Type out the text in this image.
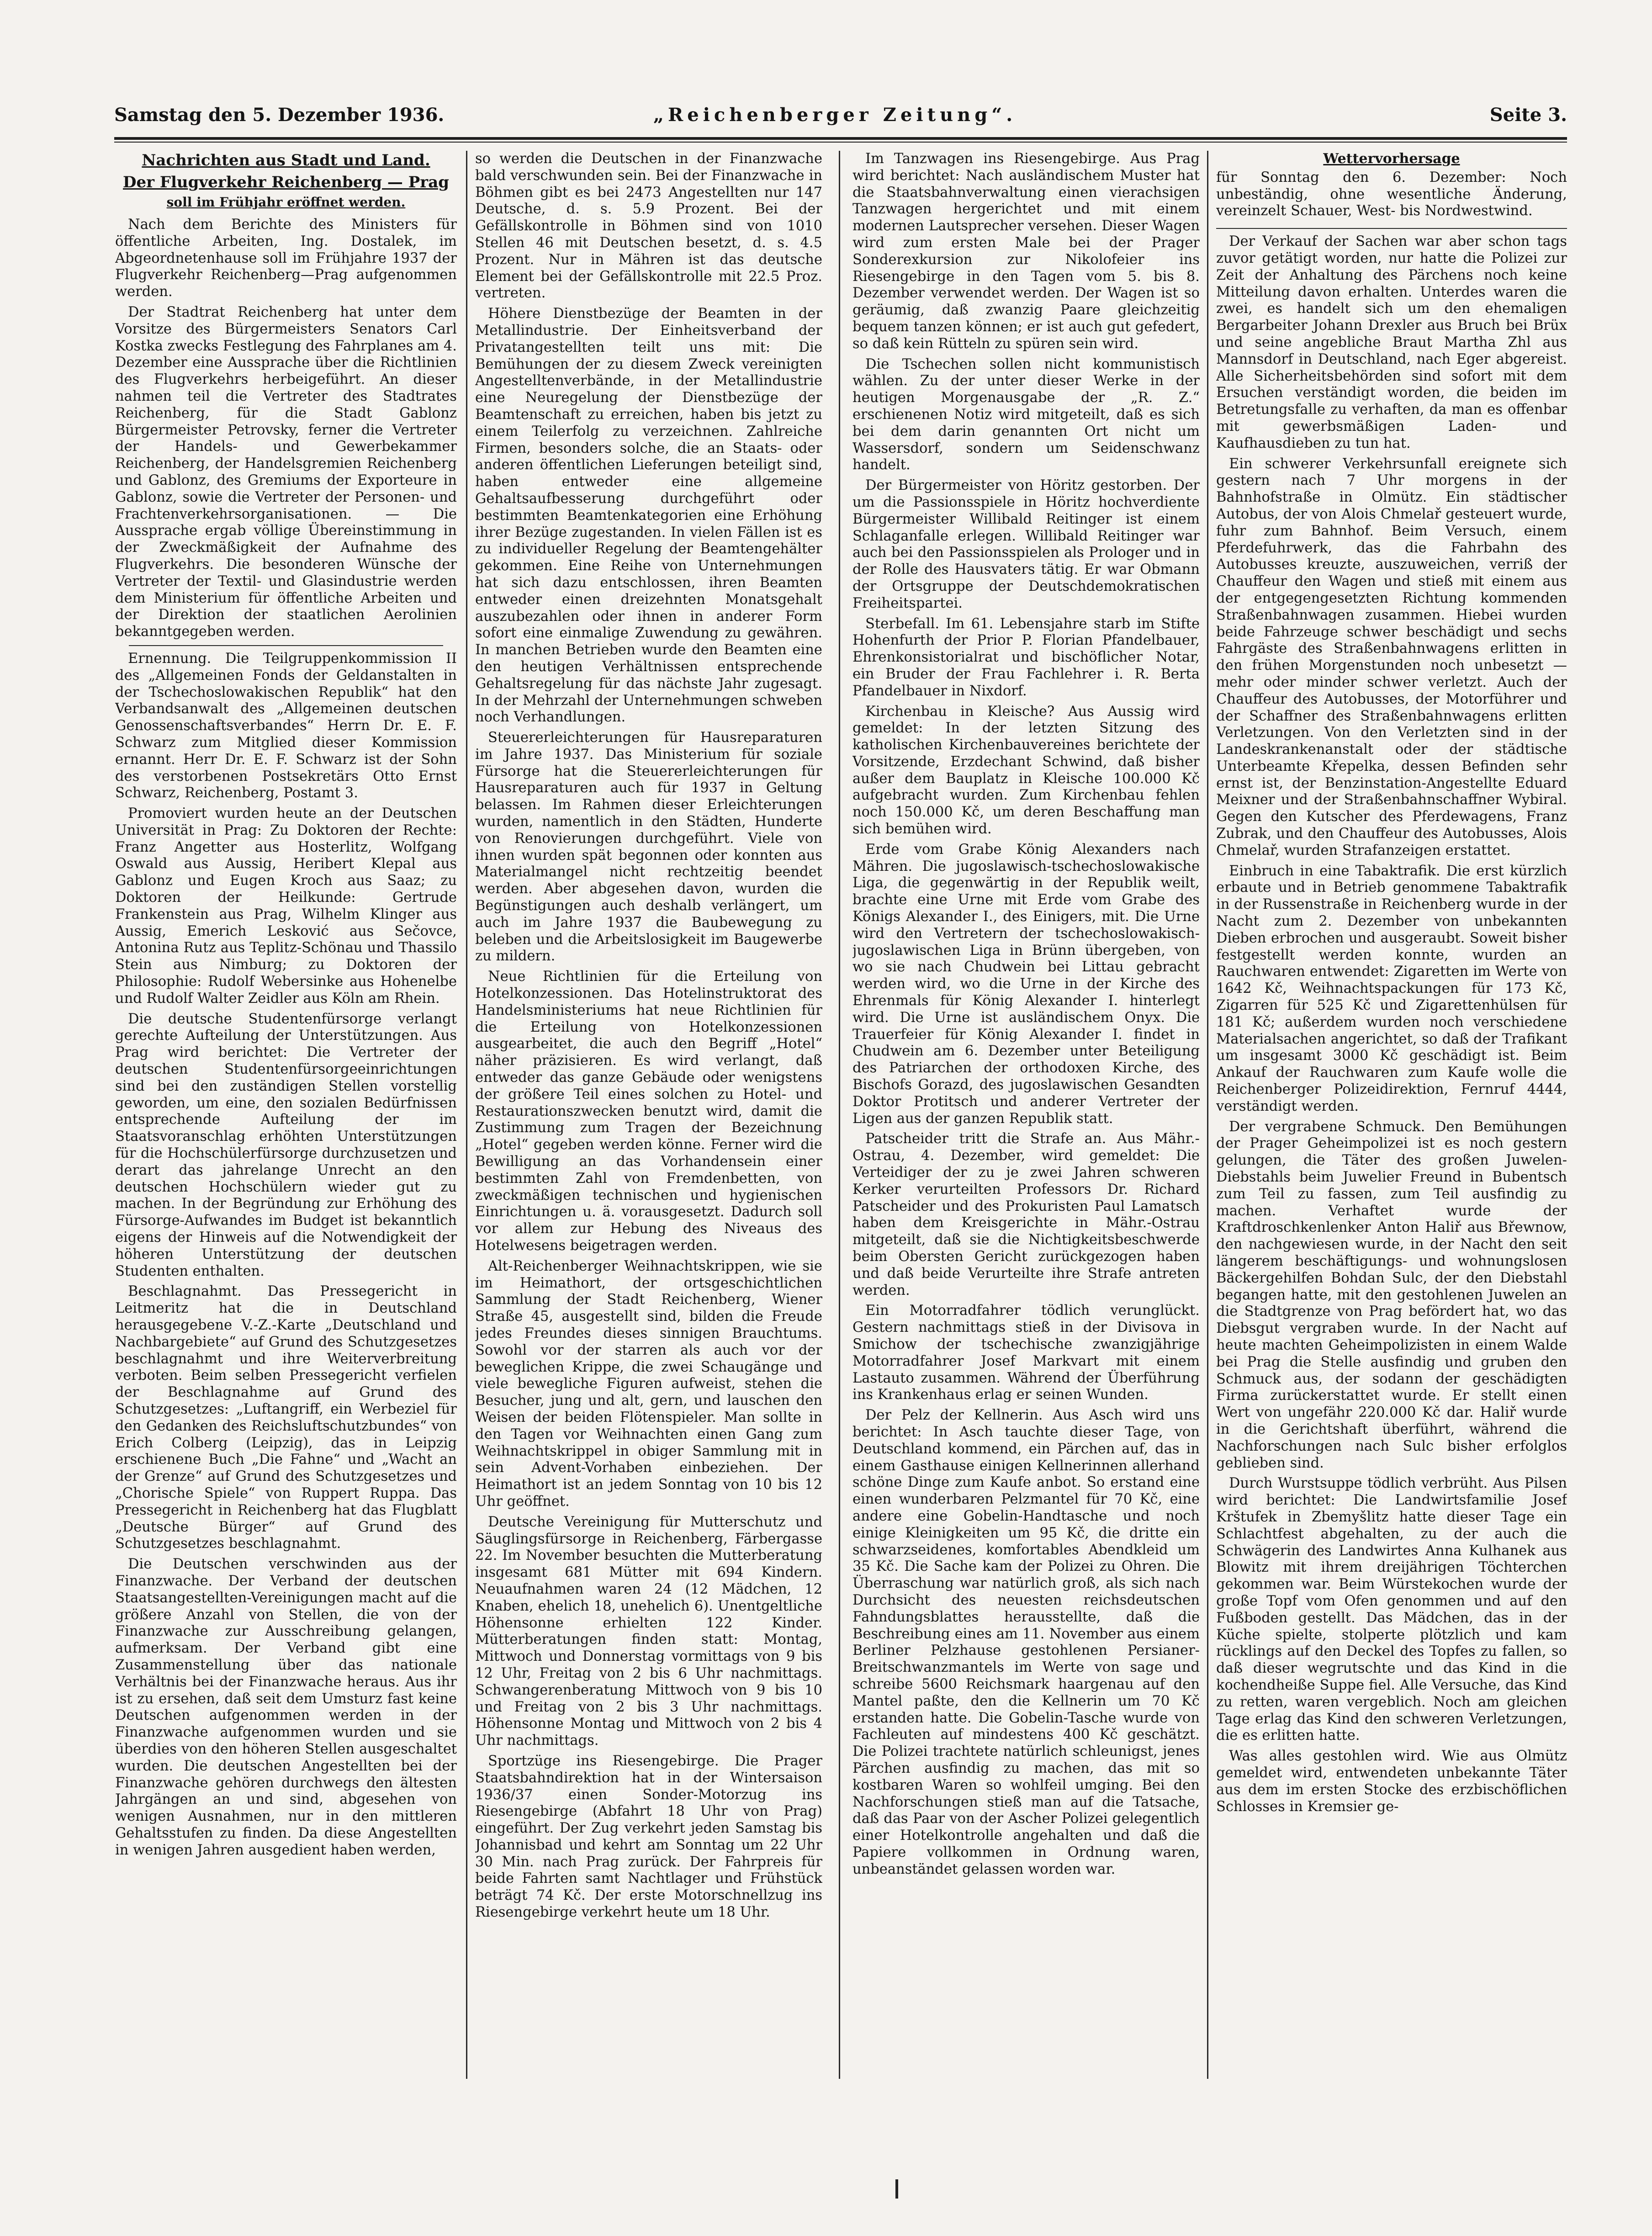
Samstag den 5. Dezember 1936.	„Reichenberger Zeitung“.	Seite 3.
Nachrichten aus Stadt und Land.
Der Flugverkehr Reichenberg — Prag
soll im Frühjahr eröffnet werden.

Nach dem Berichte des Ministers für öffentliche Arbeiten, Ing. Dostalek, im Abgeordnetenhause soll im Frühjahre 1937 der Flugverkehr Reichenberg—Prag aufgenommen werden.

Der Stadtrat Reichenberg hat unter dem Vorsitze des Bürgermeisters Senators Carl Kostka zwecks Festlegung des Fahrplanes am 4. Dezember eine Aussprache über die Richtlinien des Flugverkehrs herbeigeführt. An dieser nahmen teil die Vertreter des Stadtrates Reichenberg, für die Stadt Gablonz Bürgermeister Petrovsky, ferner die Vertreter der Handels- und Gewerbekammer Reichenberg, der Handelsgremien Reichenberg und Gablonz, des Gremiums der Exporteure in Gablonz, sowie die Vertreter der Personen- und Frachtenverkehrsorganisationen. — Die Aussprache ergab völlige Übereinstimmung in der Zweckmäßigkeit der Aufnahme des Flugverkehrs. Die besonderen Wünsche der Vertreter der Textil- und Glasindustrie werden dem Ministerium für öffentliche Arbeiten und der Direktion der staatlichen Aerolinien bekanntgegeben werden.

Ernennung. Die Teilgruppenkommission II des „Allgemeinen Fonds der Geldanstalten in der Tschechoslowakischen Republik“ hat den Verbandsanwalt des „Allgemeinen deutschen Genossenschaftsverbandes“ Herrn Dr. E. F. Schwarz zum Mitglied dieser Kommission ernannt. Herr Dr. E. F. Schwarz ist der Sohn des verstorbenen Postsekretärs Otto Ernst Schwarz, Reichenberg, Postamt 3.

Promoviert wurden heute an der Deutschen Universität in Prag: Zu Doktoren der Rechte: Franz Angetter aus Hosterlitz, Wolfgang Oswald aus Aussig, Heribert Klepal aus Gablonz und Eugen Kroch aus Saaz; zu Doktoren der Heilkunde: Gertrude Frankenstein aus Prag, Wilhelm Klinger aus Aussig, Emerich Lesković aus Sečovce, Antonina Rutz aus Teplitz-Schönau und Thassilo Stein aus Nimburg; zu Doktoren der Philosophie: Rudolf Webersinke aus Hohenelbe und Rudolf Walter Zeidler aus Köln am Rhein.

Die deutsche Studentenfürsorge verlangt gerechte Aufteilung der Unterstützungen. Aus Prag wird berichtet: Die Vertreter der deutschen Studentenfürsorgeeinrichtungen sind bei den zuständigen Stellen vorstellig geworden, um eine, den sozialen Bedürfnissen entsprechende Aufteilung der im Staatsvoranschlag erhöhten Unterstützungen für die Hochschülerfürsorge durchzusetzen und derart das jahrelange Unrecht an den deutschen Hochschülern wieder gut zu machen. In der Begründung zur Erhöhung des Fürsorge-Aufwandes im Budget ist bekanntlich eigens der Hinweis auf die Notwendigkeit der höheren Unterstützung der deutschen Studenten enthalten.

Beschlagnahmt. Das Pressegericht in Leitmeritz hat die in Deutschland herausgegebene V.-Z.-Karte „Deutschland und Nachbargebiete“ auf Grund des Schutzgesetzes beschlagnahmt und ihre Weiterverbreitung verboten. Beim selben Pressegericht verfielen der Beschlagnahme auf Grund des Schutzgesetzes: „Luftangriff, ein Werbeziel für den Gedanken des Reichsluftschutzbundes“ von Erich Colberg (Leipzig), das in Leipzig erschienene Buch „Die Fahne“ und „Wacht an der Grenze“ auf Grund des Schutzgesetzes und „Chorische Spiele“ von Ruppert Ruppa. Das Pressegericht in Reichenberg hat das Flugblatt „Deutsche Bürger“ auf Grund des Schutzgesetzes beschlagnahmt.

Die Deutschen verschwinden aus der Finanzwache. Der Verband der deutschen Staatsangestellten-Vereinigungen macht auf die größere Anzahl von Stellen, die von der Finanzwache zur Ausschreibung gelangen, aufmerksam. Der Verband gibt eine Zusammenstellung über das nationale Verhältnis bei der Finanzwache heraus. Aus ihr ist zu ersehen, daß seit dem Umsturz fast keine Deutschen aufgenommen werden in der Finanzwache aufgenommen wurden und sie überdies von den höheren Stellen ausgeschaltet wurden. Die deutschen Angestellten bei der Finanzwache gehören durchwegs den ältesten Jahrgängen an und sind, abgesehen von wenigen Ausnahmen, nur in den mittleren Gehaltsstufen zu finden. Da diese Angestellten in wenigen Jahren ausgedient haben werden,

so werden die Deutschen in der Finanzwache bald verschwunden sein. Bei der Finanzwache in Böhmen gibt es bei 2473 Angestellten nur 147 Deutsche, d. s. 5.9 Prozent. Bei der Gefällskontrolle in Böhmen sind von 1010 Stellen 46 mit Deutschen besetzt, d. s. 4.5 Prozent. Nur in Mähren ist das deutsche Element bei der Gefällskontrolle mit 22.5 Proz. vertreten.

Höhere Dienstbezüge der Beamten in der Metallindustrie. Der Einheitsverband der Privatangestellten teilt uns mit: Die Bemühungen der zu diesem Zweck vereinigten Angestelltenverbände, in der Metallindustrie eine Neuregelung der Dienstbezüge der Beamtenschaft zu erreichen, haben bis jetzt zu einem Teilerfolg zu verzeichnen. Zahlreiche Firmen, besonders solche, die an Staats- oder anderen öffentlichen Lieferungen beteiligt sind, haben entweder eine allgemeine Gehaltsaufbesserung durchgeführt oder bestimmten Beamtenkategorien eine Erhöhung ihrer Bezüge zugestanden. In vielen Fällen ist es zu individueller Regelung der Beamtengehälter gekommen. Eine Reihe von Unternehmungen hat sich dazu entschlossen, ihren Beamten entweder einen dreizehnten Monatsgehalt auszubezahlen oder ihnen in anderer Form sofort eine einmalige Zuwendung zu gewähren. In manchen Betrieben wurde den Beamten eine den heutigen Verhältnissen entsprechende Gehaltsregelung für das nächste Jahr zugesagt. In der Mehrzahl der Unternehmungen schweben noch Verhandlungen.

Steuererleichterungen für Hausreparaturen im Jahre 1937. Das Ministerium für soziale Fürsorge hat die Steuererleichterungen für Hausreparaturen auch für 1937 in Geltung belassen. Im Rahmen dieser Erleichterungen wurden, namentlich in den Städten, Hunderte von Renovierungen durchgeführt. Viele von ihnen wurden spät begonnen oder konnten aus Materialmangel nicht rechtzeitig beendet werden. Aber abgesehen davon, wurden die Begünstigungen auch deshalb verlängert, um auch im Jahre 1937 die Baubewegung zu beleben und die Arbeitslosigkeit im Baugewerbe zu mildern.

Neue Richtlinien für die Erteilung von Hotelkonzessionen. Das Hotelinstruktorat des Handelsministeriums hat neue Richtlinien für die Erteilung von Hotelkonzessionen ausgearbeitet, die auch den Begriff „Hotel“ näher präzisieren. Es wird verlangt, daß entweder das ganze Gebäude oder wenigstens der größere Teil eines solchen zu Hotel- und Restaurationszwecken benutzt wird, damit die Zustimmung zum Tragen der Bezeichnung „Hotel“ gegeben werden könne. Ferner wird die Bewilligung an das Vorhandensein einer bestimmten Zahl von Fremdenbetten, von zweckmäßigen technischen und hygienischen Einrichtungen u. ä. vorausgesetzt. Dadurch soll vor allem zur Hebung des Niveaus des Hotelwesens beigetragen werden.

Alt-Reichenberger Weihnachtskrippen, wie sie im Heimathort, der ortsgeschichtlichen Sammlung der Stadt Reichenberg, Wiener Straße 45, ausgestellt sind, bilden die Freude jedes Freundes dieses sinnigen Brauchtums. Sowohl vor der starren als auch vor der beweglichen Krippe, die zwei Schaugänge und viele bewegliche Figuren aufweist, stehen die Besucher, jung und alt, gern, und lauschen den Weisen der beiden Flötenspieler. Man sollte in den Tagen vor Weihnachten einen Gang zum Weihnachtskrippel in obiger Sammlung mit in sein Advent-Vorhaben einbeziehen. Der Heimathort ist an jedem Sonntag von 10 bis 12 Uhr geöffnet.

Deutsche Vereinigung für Mutterschutz und Säuglingsfürsorge in Reichenberg, Färbergasse 22. Im November besuchten die Mutterberatung insgesamt 681 Mütter mit 694 Kindern. Neuaufnahmen waren 24 (12 Mädchen, 12 Knaben, ehelich 18, unehelich 6). Unentgeltliche Höhensonne erhielten 122 Kinder. Mütterberatungen finden statt: Montag, Mittwoch und Donnerstag vormittags von 9 bis 12 Uhr, Freitag von 2 bis 6 Uhr nachmittags. Schwangerenberatung Mittwoch von 9 bis 10 und Freitag von 2 bis 3 Uhr nachmittags. Höhensonne Montag und Mittwoch von 2 bis 4 Uhr nachmittags.

Sportzüge ins Riesengebirge. Die Prager Staatsbahndirektion hat in der Wintersaison 1936/37 einen Sonder-Motorzug ins Riesengebirge (Abfahrt 18 Uhr von Prag) eingeführt. Der Zug verkehrt jeden Samstag bis Johannisbad und kehrt am Sonntag um 22 Uhr 30 Min. nach Prag zurück. Der Fahrpreis für beide Fahrten samt Nachtlager und Frühstück beträgt 74 Kč. Der erste Motorschnellzug ins Riesengebirge verkehrt heute um 18 Uhr.

Im Tanzwagen ins Riesengebirge. Aus Prag wird berichtet: Nach ausländischem Muster hat die Staatsbahnverwaltung einen vierachsigen Tanzwagen hergerichtet und mit einem modernen Lautsprecher versehen. Dieser Wagen wird zum ersten Male bei der Prager Sonderexkursion zur Nikolofeier ins Riesengebirge in den Tagen vom 5. bis 8. Dezember verwendet werden. Der Wagen ist so geräumig, daß zwanzig Paare gleichzeitig bequem tanzen können; er ist auch gut gefedert, so daß kein Rütteln zu spüren sein wird.

Die Tschechen sollen nicht kommunistisch wählen. Zu der unter dieser Werke in der heutigen Morgenausgabe der „R. Z.“ erschienenen Notiz wird mitgeteilt, daß es sich bei dem darin genannten Ort nicht um Wassersdorf, sondern um Seidenschwanz handelt.

Der Bürgermeister von Höritz gestorben. Der um die Passionsspiele in Höritz hochverdiente Bürgermeister Willibald Reitinger ist einem Schlaganfalle erlegen. Willibald Reitinger war auch bei den Passionsspielen als Prologer und in der Rolle des Hausvaters tätig. Er war Obmann der Ortsgruppe der Deutschdemokratischen Freiheitspartei.

Sterbefall. Im 61. Lebensjahre starb im Stifte Hohenfurth der Prior P. Florian Pfandelbauer, Ehrenkonsistorialrat und bischöflicher Notar, ein Bruder der Frau Fachlehrer i. R. Berta Pfandelbauer in Nixdorf.

Kirchenbau in Kleische? Aus Aussig wird gemeldet: In der letzten Sitzung des katholischen Kirchenbauvereines berichtete der Vorsitzende, Erzdechant Schwind, daß bisher außer dem Bauplatz in Kleische 100.000 Kč aufgebracht wurden. Zum Kirchenbau fehlen noch 150.000 Kč, um deren Beschaffung man sich bemühen wird.

Erde vom Grabe König Alexanders nach Mähren. Die jugoslawisch-tschechoslowakische Liga, die gegenwärtig in der Republik weilt, brachte eine Urne mit Erde vom Grabe des Königs Alexander I., des Einigers, mit. Die Urne wird den Vertretern der tschechoslowakisch-jugoslawischen Liga in Brünn übergeben, von wo sie nach Chudwein bei Littau gebracht werden wird, wo die Urne in der Kirche des Ehrenmals für König Alexander I. hinterlegt wird. Die Urne ist ausländischem Onyx. Die Trauerfeier für König Alexander I. findet in Chudwein am 6. Dezember unter Beteiligung des Patriarchen der orthodoxen Kirche, des Bischofs Gorazd, des jugoslawischen Gesandten Doktor Protitsch und anderer Vertreter der Ligen aus der ganzen Republik statt.

Patscheider tritt die Strafe an. Aus Mähr.-Ostrau, 4. Dezember, wird gemeldet: Die Verteidiger der zu je zwei Jahren schweren Kerker verurteilten Professors Dr. Richard Patscheider und des Prokuristen Paul Lamatsch haben dem Kreisgerichte in Mähr.-Ostrau mitgeteilt, daß sie die Nichtigkeitsbeschwerde beim Obersten Gericht zurückgezogen haben und daß beide Verurteilte ihre Strafe antreten werden.

Ein Motorradfahrer tödlich verunglückt. Gestern nachmittags stieß in der Divisova in Smichow der tschechische zwanzigjährige Motorradfahrer Josef Markvart mit einem Lastauto zusammen. Während der Überführung ins Krankenhaus erlag er seinen Wunden.

Der Pelz der Kellnerin. Aus Asch wird uns berichtet: In Asch tauchte dieser Tage, von Deutschland kommend, ein Pärchen auf, das in einem Gasthause einigen Kellnerinnen allerhand schöne Dinge zum Kaufe anbot. So erstand eine einen wunderbaren Pelzmantel für 70 Kč, eine andere eine Gobelin-Handtasche und noch einige Kleinigkeiten um 95 Kč, die dritte ein schwarzseidenes, komfortables Abendkleid um 35 Kč. Die Sache kam der Polizei zu Ohren. Die Überraschung war natürlich groß, als sich nach Durchsicht des neuesten reichsdeutschen Fahndungsblattes herausstellte, daß die Beschreibung eines am 11. November aus einem Berliner Pelzhause gestohlenen Persianer-Breitschwanzmantels im Werte von sage und schreibe 5600 Reichsmark haargenau auf den Mantel paßte, den die Kellnerin um 70 Kč erstanden hatte. Die Gobelin-Tasche wurde von Fachleuten auf mindestens 400 Kč geschätzt. Die Polizei trachtete natürlich schleunigst, jenes Pärchen ausfindig zu machen, das mit so kostbaren Waren so wohlfeil umging. Bei den Nachforschungen stieß man auf die Tatsache, daß das Paar von der Ascher Polizei gelegentlich einer Hotelkontrolle angehalten und daß die Papiere vollkommen in Ordnung waren, unbeanständet gelassen worden war.

Wettervorhersage

für Sonntag den 6. Dezember: Noch unbeständig, ohne wesentliche Änderung, vereinzelt Schauer, West- bis Nordwestwind.

Der Verkauf der Sachen war aber schon tags zuvor getätigt worden, nur hatte die Polizei zur Zeit der Anhaltung des Pärchens noch keine Mitteilung davon erhalten. Unterdes waren die zwei, es handelt sich um den ehemaligen Bergarbeiter Johann Drexler aus Bruch bei Brüx und seine angebliche Braut Martha Zhl aus Mannsdorf in Deutschland, nach Eger abgereist. Alle Sicherheitsbehörden sind sofort mit dem Ersuchen verständigt worden, die beiden im Betretungsfalle zu verhaften, da man es offenbar mit gewerbsmäßigen Laden- und Kaufhausdieben zu tun hat.

Ein schwerer Verkehrsunfall ereignete sich gestern nach 7 Uhr morgens in der Bahnhofstraße in Olmütz. Ein städtischer Autobus, der von Alois Chmelař gesteuert wurde, fuhr zum Bahnhof. Beim Versuch, einem Pferdefuhrwerk, das die Fahrbahn des Autobusses kreuzte, auszuweichen, verriß der Chauffeur den Wagen und stieß mit einem aus der entgegengesetzten Richtung kommenden Straßenbahnwagen zusammen. Hiebei wurden beide Fahrzeuge schwer beschädigt und sechs Fahrgäste des Straßenbahnwagens erlitten in den frühen Morgenstunden noch unbesetzt — mehr oder minder schwer verletzt. Auch der Chauffeur des Autobusses, der Motorführer und der Schaffner des Straßenbahnwagens erlitten Verletzungen. Von den Verletzten sind in der Landeskrankenanstalt oder der städtische Unterbeamte Křepelka, dessen Befinden sehr ernst ist, der Benzinstation-Angestellte Eduard Meixner und der Straßenbahnschaffner Wybiral. Gegen den Kutscher des Pferdewagens, Franz Zubrak, und den Chauffeur des Autobusses, Alois Chmelař, wurden Strafanzeigen erstattet.

Einbruch in eine Tabaktrafik. Die erst kürzlich erbaute und in Betrieb genommene Tabaktrafik in der Russenstraße in Reichenberg wurde in der Nacht zum 2. Dezember von unbekannten Dieben erbrochen und ausgeraubt. Soweit bisher festgestellt werden konnte, wurden an Rauchwaren entwendet: Zigaretten im Werte von 1642 Kč, Weihnachtspackungen für 173 Kč, Zigarren für 525 Kč und Zigarettenhülsen für 181 Kč; außerdem wurden noch verschiedene Materialsachen angerichtet, so daß der Trafikant um insgesamt 3000 Kč geschädigt ist. Beim Ankauf der Rauchwaren zum Kaufe wolle die Reichenberger Polizeidirektion, Fernruf 4444, verständigt werden.

Der vergrabene Schmuck. Den Bemühungen der Prager Geheimpolizei ist es noch gestern gelungen, die Täter des großen Juwelen-Diebstahls beim Juwelier Freund in Bubentsch zum Teil zu fassen, zum Teil ausfindig zu machen. Verhaftet wurde der Kraftdroschkenlenker Anton Haliř aus Břewnow, den nachgewiesen wurde, in der Nacht den seit längerem beschäftigungs- und wohnungslosen Bäckergehilfen Bohdan Sulc, der den Diebstahl begangen hatte, mit den gestohlenen Juwelen an die Stadtgrenze von Prag befördert hat, wo das Diebsgut vergraben wurde. In der Nacht auf heute machten Geheimpolizisten in einem Walde bei Prag die Stelle ausfindig und gruben den Schmuck aus, der sodann der geschädigten Firma zurückerstattet wurde. Er stellt einen Wert von ungefähr 220.000 Kč dar. Haliř wurde in die Gerichtshaft überführt, während die Nachforschungen nach Sulc bisher erfolglos geblieben sind.

Durch Wurstsuppe tödlich verbrüht. Aus Pilsen wird berichtet: Die Landwirtsfamilie Josef Krštufek in Zbemyšlitz hatte dieser Tage ein Schlachtfest abgehalten, zu der auch die Schwägerin des Landwirtes Anna Kulhanek aus Blowitz mit ihrem dreijährigen Töchterchen gekommen war. Beim Würstekochen wurde der große Topf vom Ofen genommen und auf den Fußboden gestellt. Das Mädchen, das in der Küche spielte, stolperte plötzlich und kam rücklings auf den Deckel des Topfes zu fallen, so daß dieser wegrutschte und das Kind in die kochendheiße Suppe fiel. Alle Versuche, das Kind zu retten, waren vergeblich. Noch am gleichen Tage erlag das Kind den schweren Verletzungen, die es erlitten hatte.

Was alles gestohlen wird. Wie aus Olmütz gemeldet wird, entwendeten unbekannte Täter aus dem im ersten Stocke des erzbischöflichen Schlosses in Kremsier ge-
